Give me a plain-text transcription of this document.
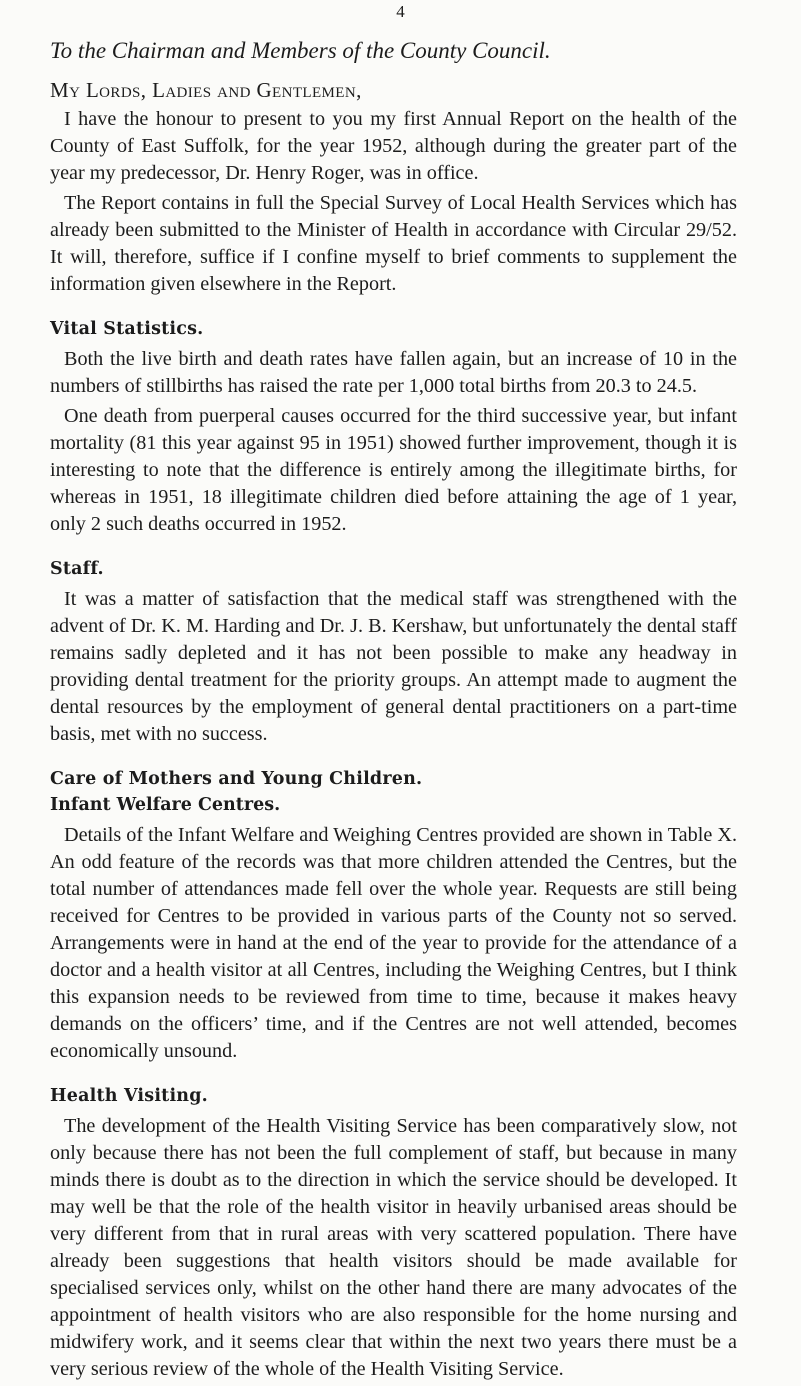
4

To the Chairman and Members of the County Council.

My Lords, Ladies and Gentlemen,

I have the honour to present to you my first Annual Report on the health of the County of East Suffolk, for the year 1952, although during the greater part of the year my predecessor, Dr. Henry Roger, was in office.

The Report contains in full the Special Survey of Local Health Services which has already been submitted to the Minister of Health in accordance with Circular 29/52. It will, therefore, suffice if I confine myself to brief comments to supplement the information given elsewhere in the Report.

Vital Statistics.

Both the live birth and death rates have fallen again, but an increase of 10 in the numbers of stillbirths has raised the rate per 1,000 total births from 20.3 to 24.5.

One death from puerperal causes occurred for the third successive year, but infant mortality (81 this year against 95 in 1951) showed further improvement, though it is interesting to note that the difference is entirely among the illegitimate births, for whereas in 1951, 18 illegitimate children died before attaining the age of 1 year, only 2 such deaths occurred in 1952.

Staff.

It was a matter of satisfaction that the medical staff was strengthened with the advent of Dr. K. M. Harding and Dr. J. B. Kershaw, but unfortunately the dental staff remains sadly depleted and it has not been possible to make any headway in providing dental treatment for the priority groups. An attempt made to augment the dental resources by the employment of general dental practitioners on a part-time basis, met with no success.

Care of Mothers and Young Children.
Infant Welfare Centres.

Details of the Infant Welfare and Weighing Centres provided are shown in Table X. An odd feature of the records was that more children attended the Centres, but the total number of attendances made fell over the whole year. Requests are still being received for Centres to be provided in various parts of the County not so served. Arrangements were in hand at the end of the year to provide for the attendance of a doctor and a health visitor at all Centres, including the Weighing Centres, but I think this expansion needs to be reviewed from time to time, because it makes heavy demands on the officers’ time, and if the Centres are not well attended, becomes economically unsound.

Health Visiting.

The development of the Health Visiting Service has been comparatively slow, not only because there has not been the full complement of staff, but because in many minds there is doubt as to the direction in which the service should be developed. It may well be that the role of the health visitor in heavily urbanised areas should be very different from that in rural areas with very scattered population. There have already been suggestions that health visitors should be made available for specialised services only, whilst on the other hand there are many advocates of the appointment of health visitors who are also responsible for the home nursing and midwifery work, and it seems clear that within the next two years there must be a very serious review of the whole of the Health Visiting Service.
